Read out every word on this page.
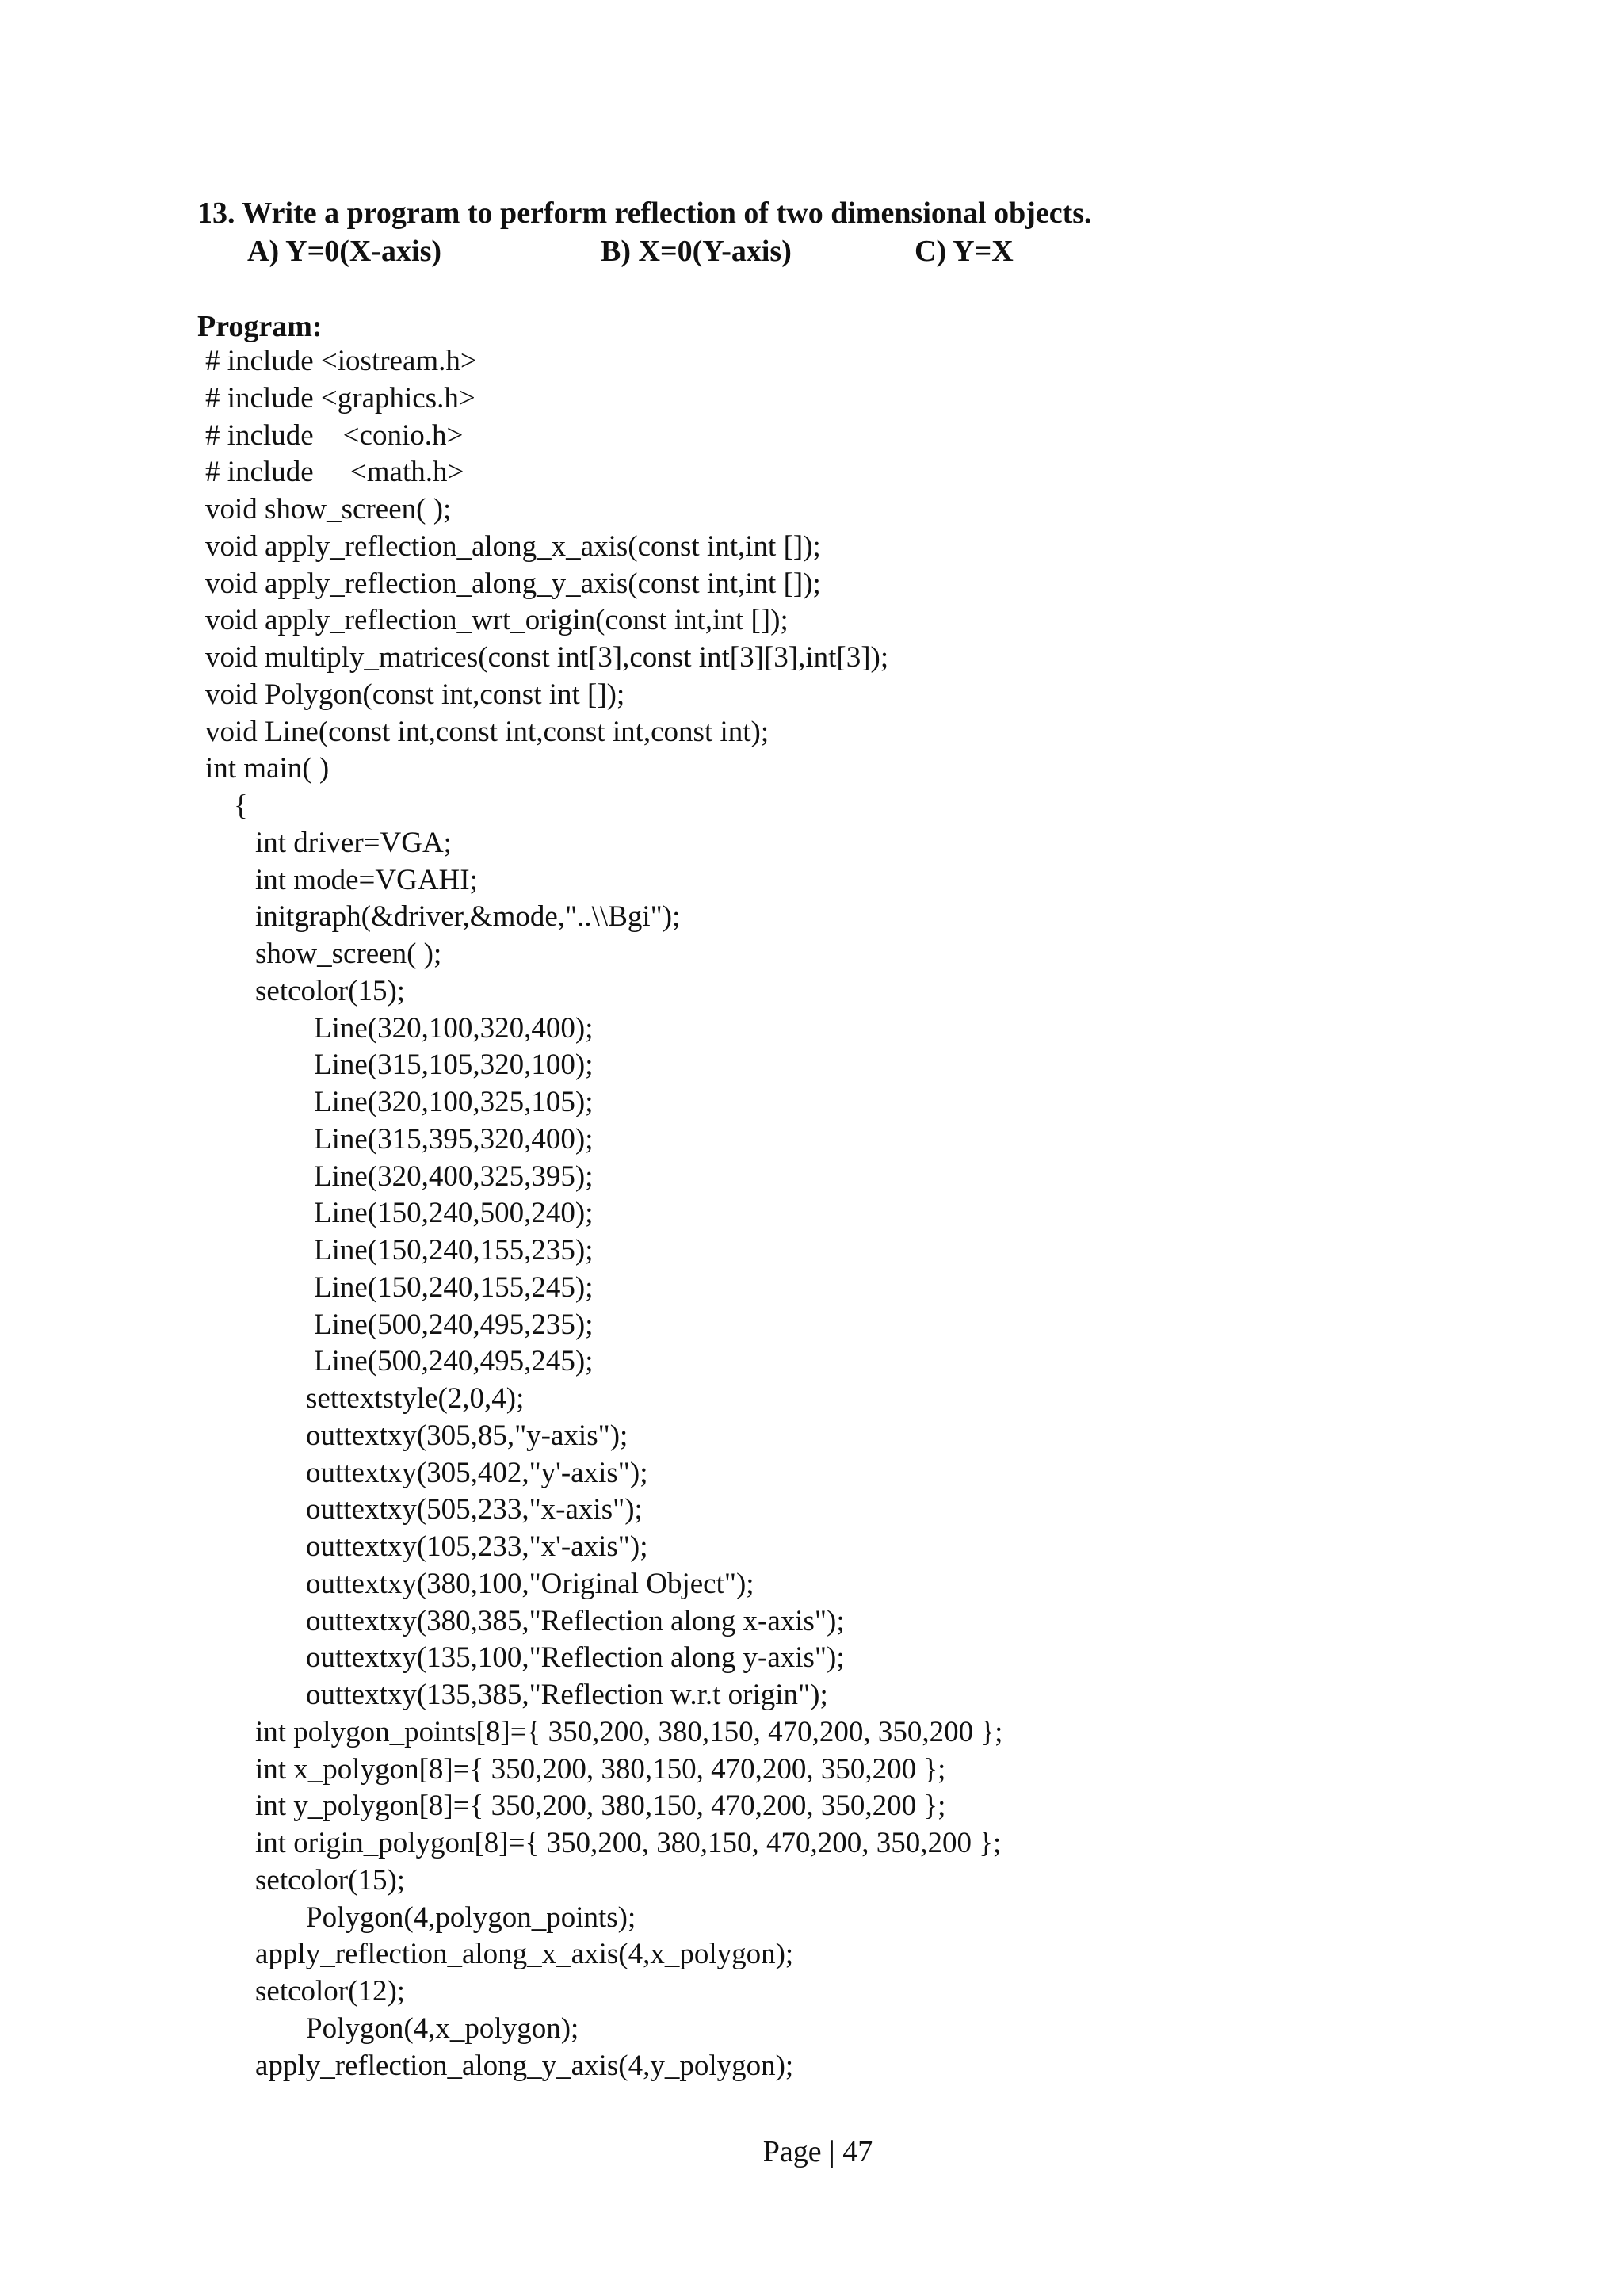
13. Write a program to perform reflection of two dimensional objects.
A) Y=0(X-axis)	B) X=0(Y-axis)	C) Y=X
Program:
# include <iostream.h>
# include <graphics.h>
# include    <conio.h>
# include     <math.h>
void show_screen( );
void apply_reflection_along_x_axis(const int,int []);
void apply_reflection_along_y_axis(const int,int []);
void apply_reflection_wrt_origin(const int,int []);
void multiply_matrices(const int[3],const int[3][3],int[3]);
void Polygon(const int,const int []);
void Line(const int,const int,const int,const int);
int main( )
{
int driver=VGA;
int mode=VGAHI;
initgraph(&driver,&mode,"..\\Bgi");
show_screen( );
setcolor(15);
Line(320,100,320,400);
Line(315,105,320,100);
Line(320,100,325,105);
Line(315,395,320,400);
Line(320,400,325,395);
Line(150,240,500,240);
Line(150,240,155,235);
Line(150,240,155,245);
Line(500,240,495,235);
Line(500,240,495,245);
settextstyle(2,0,4);
outtextxy(305,85,"y-axis");
outtextxy(305,402,"y'-axis");
outtextxy(505,233,"x-axis");
outtextxy(105,233,"x'-axis");
outtextxy(380,100,"Original Object");
outtextxy(380,385,"Reflection along x-axis");
outtextxy(135,100,"Reflection along y-axis");
outtextxy(135,385,"Reflection w.r.t origin");
int polygon_points[8]={ 350,200, 380,150, 470,200, 350,200 };
int x_polygon[8]={ 350,200, 380,150, 470,200, 350,200 };
int y_polygon[8]={ 350,200, 380,150, 470,200, 350,200 };
int origin_polygon[8]={ 350,200, 380,150, 470,200, 350,200 };
setcolor(15);
Polygon(4,polygon_points);
apply_reflection_along_x_axis(4,x_polygon);
setcolor(12);
Polygon(4,x_polygon);
apply_reflection_along_y_axis(4,y_polygon);
Page | 47
